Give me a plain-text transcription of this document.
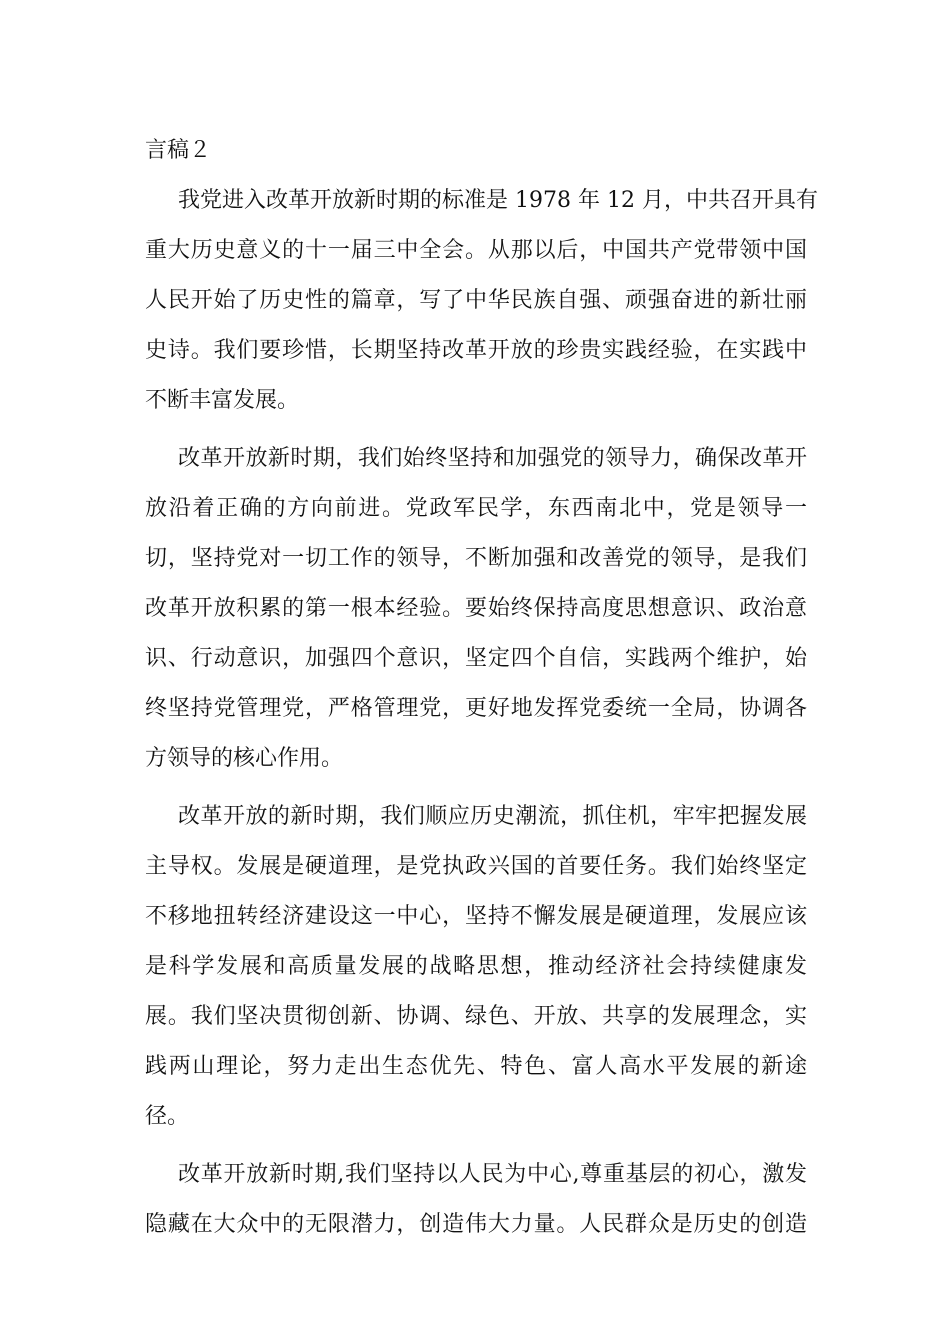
言稿２

我党进入改革开放新时期的标准是 1978 年 12 月，中共召开具有
重大历史意义的十一届三中全会。从那以后，中国共产党带领中国
人民开始了历史性的篇章，写了中华民族自强、顽强奋进的新壮丽
史诗。我们要珍惜，长期坚持改革开放的珍贵实践经验，在实践中
不断丰富发展。

改革开放新时期，我们始终坚持和加强党的领导力，确保改革开
放沿着正确的方向前进。党政军民学，东西南北中，党是领导一
切，坚持党对一切工作的领导，不断加强和改善党的领导，是我们
改革开放积累的第一根本经验。要始终保持高度思想意识、政治意
识、行动意识，加强四个意识，坚定四个自信，实践两个维护，始
终坚持党管理党，严格管理党，更好地发挥党委统一全局，协调各
方领导的核心作用。

改革开放的新时期，我们顺应历史潮流，抓住机，牢牢把握发展
主导权。发展是硬道理，是党执政兴国的首要任务。我们始终坚定
不移地扭转经济建设这一中心，坚持不懈发展是硬道理，发展应该
是科学发展和高质量发展的战略思想，推动经济社会持续健康发
展。我们坚决贯彻创新、协调、绿色、开放、共享的发展理念，实
践两山理论，努力走出生态优先、特色、富人高水平发展的新途
径。

改革开放新时期,我们坚持以人民为中心,尊重基层的初心，激发
隐藏在大众中的无限潜力，创造伟大力量。人民群众是历史的创造
